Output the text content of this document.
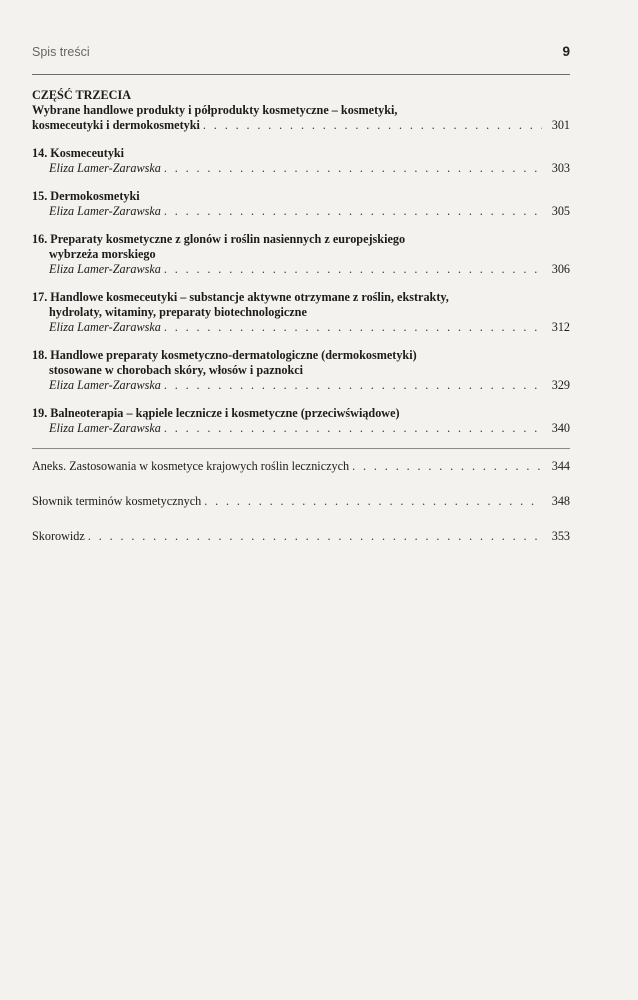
Spis treści	9
CZĘŚĆ TRZECIA
Wybrane handlowe produkty i półprodukty kosmetyczne – kosmetyki,
kosmeceutyki i dermokosmetyki . . .	301
14. Kosmeceutyki
Eliza Lamer-Zarawska . . .	303
15. Dermokosmetyki
Eliza Lamer-Zarawska . . .	305
16. Preparaty kosmetyczne z glonów i roślin nasiennych z europejskiego
wybrzeża morskiego
Eliza Lamer-Zarawska . . .	306
17. Handlowe kosmeceutyki – substancje aktywne otrzymane z roślin, ekstrakty,
hydrolaty, witaminy, preparaty biotechnologiczne
Eliza Lamer-Zarawska . . .	312
18. Handlowe preparaty kosmetyczno-dermatologiczne (dermokosmetyki)
stosowane w chorobach skóry, włosów i paznokci
Eliza Lamer-Zarawska . . .	329
19. Balneoterapia – kąpiele lecznicze i kosmetyczne (przeciwświądowe)
Eliza Lamer-Zarawska . . .	340
Aneks. Zastosowania w kosmetyce krajowych roślin leczniczych . . .	344
Słownik terminów kosmetycznych . . .	348
Skorowidz . . .	353
